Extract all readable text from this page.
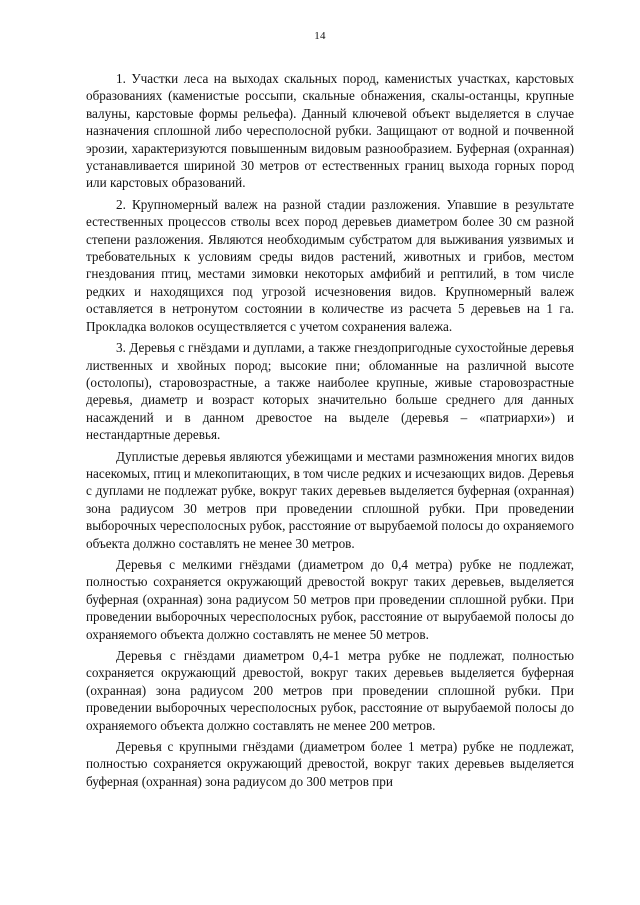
14

1. Участки леса на выходах скальных пород, каменистых участках, карстовых образованиях (каменистые россыпи, скальные обнажения, скалы-останцы, крупные валуны, карстовые формы рельефа). Данный ключевой объект выделяется в случае назначения сплошной либо чересполосной рубки. Защищают от водной и почвенной эрозии, характеризуются повышенным видовым разнообразием. Буферная (охранная) устанавливается шириной 30 метров от естественных границ выхода горных пород или карстовых образований.

2. Крупномерный валеж на разной стадии разложения. Упавшие в результате естественных процессов стволы всех пород деревьев диаметром более 30 см разной степени разложения. Являются необходимым субстратом для выживания уязвимых и требовательных к условиям среды видов растений, животных и грибов, местом гнездования птиц, местами зимовки некоторых амфибий и рептилий, в том числе редких и находящихся под угрозой исчезновения видов. Крупномерный валеж оставляется в нетронутом состоянии в количестве из расчета 5 деревьев на 1 га. Прокладка волоков осуществляется с учетом сохранения валежа.

3. Деревья с гнёздами и дуплами, а также гнездопригодные сухостойные деревья лиственных и хвойных пород; высокие пни; обломанные на различной высоте (остолопы), старовозрастные, а также наиболее крупные, живые старовозрастные деревья, диаметр и возраст которых значительно больше среднего для данных насаждений и в данном древостое на выделе (деревья – «патриархи») и нестандартные деревья.

Дуплистые деревья являются убежищами и местами размножения многих видов насекомых, птиц и млекопитающих, в том числе редких и исчезающих видов. Деревья с дуплами не подлежат рубке, вокруг таких деревьев выделяется буферная (охранная) зона радиусом 30 метров при проведении сплошной рубки. При проведении выборочных чересполосных рубок, расстояние от вырубаемой полосы до охраняемого объекта должно составлять не менее 30 метров.

Деревья с мелкими гнёздами (диаметром до 0,4 метра) рубке не подлежат, полностью сохраняется окружающий древостой вокруг таких деревьев, выделяется буферная (охранная) зона радиусом 50 метров при проведении сплошной рубки. При проведении выборочных чересполосных рубок, расстояние от вырубаемой полосы до охраняемого объекта должно составлять не менее 50 метров.

Деревья с гнёздами диаметром 0,4-1 метра рубке не подлежат, полностью сохраняется окружающий древостой, вокруг таких деревьев выделяется буферная (охранная) зона радиусом 200 метров при проведении сплошной рубки. При проведении выборочных чересполосных рубок, расстояние от вырубаемой полосы до охраняемого объекта должно составлять не менее 200 метров.

Деревья с крупными гнёздами (диаметром более 1 метра) рубке не подлежат, полностью сохраняется окружающий древостой, вокруг таких деревьев выделяется буферная (охранная) зона радиусом до 300 метров при
